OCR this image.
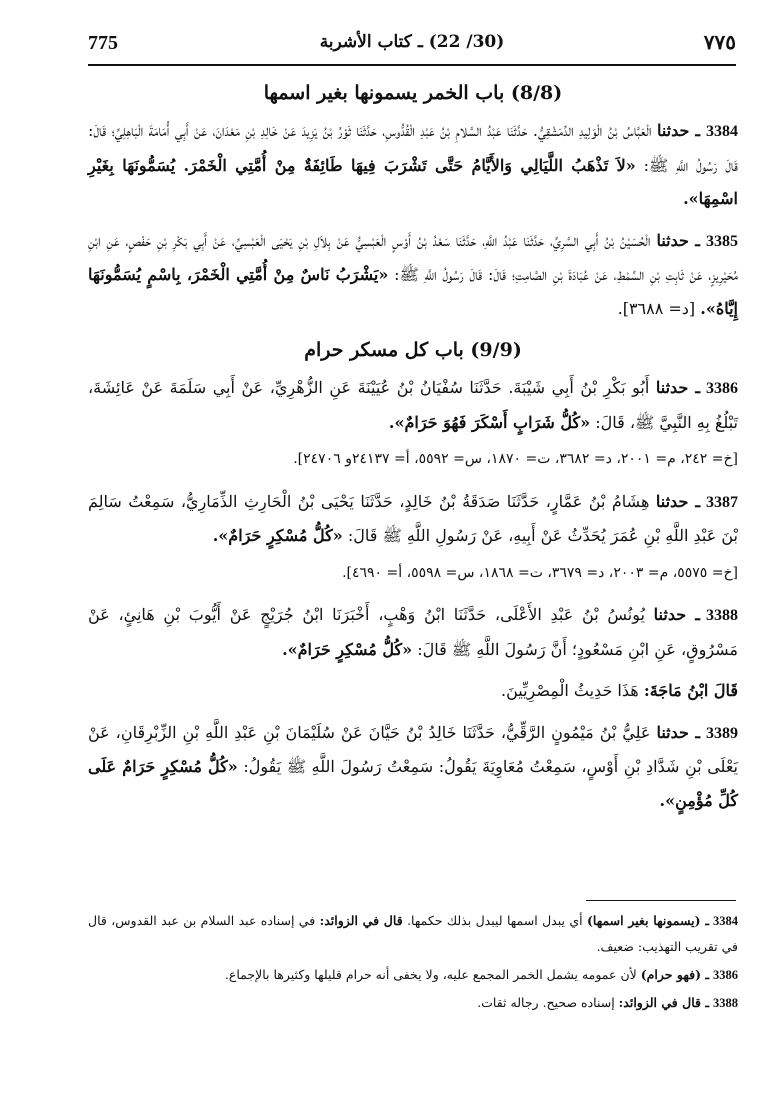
775	(30/ 22) ـ كتاب الأشربة	٧٧٥
(8/8) باب الخمر يسمونها بغير اسمها

3384ـ حدثنا الْعَبَّاسُ بْنُ الْوَلِيدِ الدِّمَشْقِيُّ. حَدَّثَنَا عَبْدُ السَّلامِ بْنُ عَبْدِ الْقُدُّوسِ، حَدَّثَنَا ثَوْرُ بْنُ يَزِيدَ عَنْ خَالِدِ بْنِ مَعْدَانَ، عَنْ أَبِي أُمَامَةَ الْبَاهِلِيِّ؛ قَالَ: قَالَ رَسُولُ اللَّهِ ﷺ: «لاَ تَذْهَبُ اللَّيَالِي وَالأَيَّامُ حَتَّى تَشْرَبَ فِيهَا طَائِفَةٌ مِنْ أُمَّتِي الْخَمْرَ. يُسَمُّونَهَا بِغَيْرِ اسْمِهَا».

3385ـ حدثنا الْحُسَيْنُ بْنُ أَبِي السَّرِيِّ، حَدَّثَنَا عَبْدُ اللَّهِ، حَدَّثَنَا سَعْدُ بْنُ أَوْسٍ الْعَبْسِيُّ عَنْ بِلاَلِ بْنِ يَحْيَى الْعَبْسِيِّ، عَنْ أَبِي بَكْرِ بْنِ حَفْصٍ، عَنِ ابْنِ مُحَيْرِيزٍ، عَنْ ثَابِتِ بْنِ السِّمْطِ، عَنْ عُبَادَةَ بْنِ الصَّامِتِ؛ قَالَ: قَالَ رَسُولُ اللَّهِ ﷺ: «يَشْرَبُ نَاسٌ مِنْ أُمَّتِي الْخَمْرَ، بِاسْمٍ يُسَمُّونَهَا إِيَّاهُ». [د= ٣٦٨٨].

(9/9) باب كل مسكر حرام

3386ـ حدثنا أَبُو بَكْرِ بْنُ أَبِي شَيْبَةَ. حَدَّثَنَا سُفْيَانُ بْنُ عُيَيْنَةَ عَنِ الزُّهْرِيِّ، عَنْ أَبِي سَلَمَةَ عَنْ عَائِشَةَ، تَبْلُغُ بِهِ النَّبِيَّ ﷺ، قَالَ: «كُلُّ شَرَابٍ أَسْكَرَ فَهُوَ حَرَامٌ».

[خ= ٢٤٢، م= ٢٠٠١، د= ٣٦٨٢، ت= ١٨٧٠، س= ٥٥٩٢، أ= ٢٤١٣٧و ٢٤٧٠٦].

3387ـ حدثنا هِشَامُ بْنُ عَمَّارٍ، حَدَّثَنَا صَدَقَةُ بْنُ خَالِدٍ، حَدَّثَنَا يَحْيَى بْنُ الْحَارِثِ الذِّمَارِيُّ، سَمِعْتُ سَالِمَ بْنَ عَبْدِ اللَّهِ بْنِ عُمَرَ يُحَدِّثُ عَنْ أَبِيهِ، عَنْ رَسُولِ اللَّهِ ﷺ قَالَ: «كُلُّ مُسْكِرٍ حَرَامٌ».

[خ= ٥٥٧٥، م= ٢٠٠٣، د= ٣٦٧٩، ت= ١٨٦٨، س= ٥٥٩٨، أ= ٤٦٩٠].

3388ـ حدثنا يُونُسُ بْنُ عَبْدِ الأَعْلَى، حَدَّثَنَا ابْنُ وَهْبٍ، أَخْبَرَنَا ابْنُ جُرَيْجٍ عَنْ أَيُّوبَ بْنِ هَانِئٍ، عَنْ مَسْرُوقٍ، عَنِ ابْنِ مَسْعُودٍ؛ أَنَّ رَسُولَ اللَّهِ ﷺ قَالَ: «كُلُّ مُسْكِرٍ حَرَامٌ».

قَالَ ابْنُ مَاجَةَ: هَذَا حَدِيثُ الْمِصْرِيِّينَ.

3389ـ حدثنا عَلِيُّ بْنُ مَيْمُونٍ الرَّقِّيُّ، حَدَّثَنَا خَالِدُ بْنُ حَيَّانَ عَنْ سُلَيْمَانَ بْنِ عَبْدِ اللَّهِ بْنِ الزِّبْرِقَانِ، عَنْ يَعْلَى بْنِ شَدَّادِ بْنِ أَوْسٍ، سَمِعْتُ مُعَاوِيَةَ يَقُولُ: سَمِعْتُ رَسُولَ اللَّهِ ﷺ يَقُولُ: «كُلُّ مُسْكِرٍ حَرَامٌ عَلَى كُلِّ مُؤْمِنٍ».

3384ـ (يسمونها بغير اسمها) أي يبدل اسمها ليبدل بذلك حكمها. قال في الزوائد: في إسناده عبد السلام بن عبد القدوس، قال في تقريب التهذيب: ضعيف.

3386ـ (فهو حرام) لأن عمومه يشمل الخمر المجمع عليه، ولا يخفى أنه حرام قليلها وكثيرها بالإجماع.

3388ـ قال في الزوائد: إسناده صحيح. رجاله ثقات.
